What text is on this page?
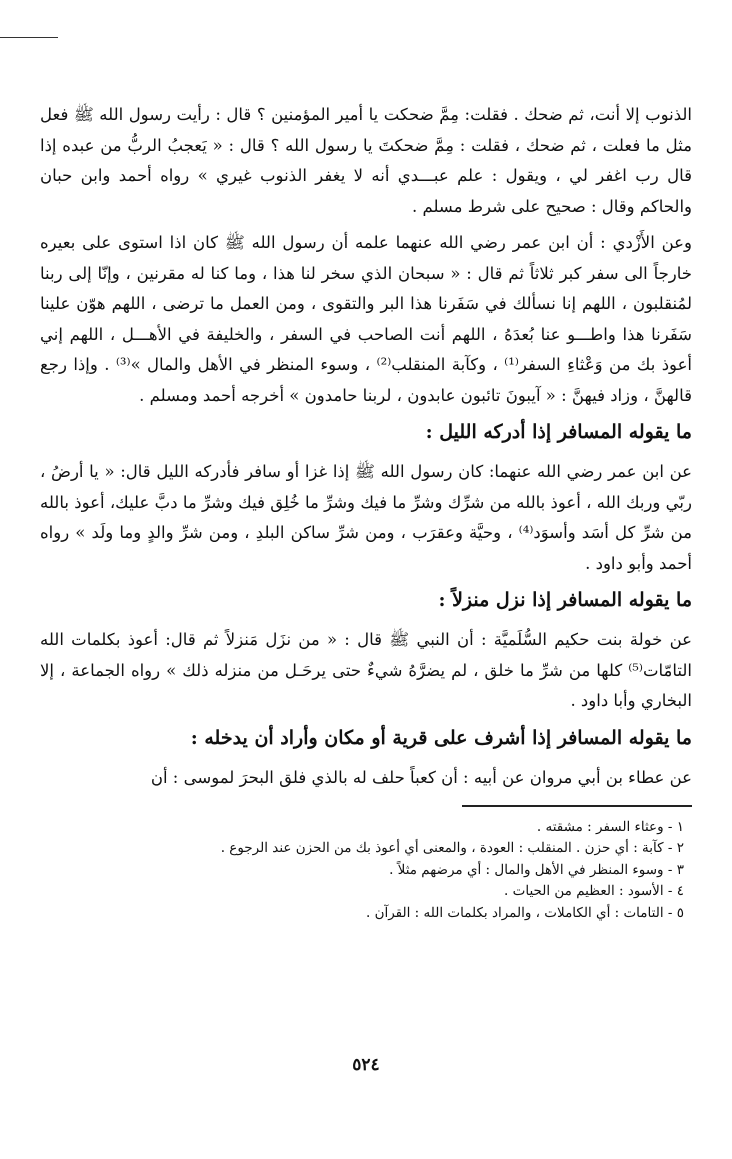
الذنوب إلا أنت، ثم ضحك . فقلت: مِمَّ ضحكت يا أمير المؤمنين ؟ قال : رأيت رسول الله ﷺ فعل مثل ما فعلت ، ثم ضحك ، فقلت : مِمَّ ضحكتَ يا رسول الله ؟ قال : « يَعجبُ الربُّ من عبده إذا قال رب اغفر لي ، ويقول : علم عبـــدي أنه لا يغفر الذنوب غيري » رواه أحمد وابن حبان والحاكم وقال : صحيح على شرط مسلم .

وعن الأَزْدي : أن ابن عمر رضي الله عنهما علمه أن رسول الله ﷺ كان اذا استوى على بعيره خارجاً الى سفر كبر ثلاثاً ثم قال : « سبحان الذي سخر لنا هذا ، وما كنا له مقرنين ، وإنّا إلى ربنا لمُنقلبون ، اللهم إنا نسألك في سَفَرنا هذا البر والتقوى ، ومن العمل ما ترضى ، اللهم هوّن علينا سَفَرنا هذا واطـــو عنا بُعدَهُ ، اللهم أنت الصاحب في السفر ، والخليفة في الأهـــل ، اللهم إني أعوذ بك من وَعْثاءِ السفر⁽¹⁾ ، وكآبة المنقلب⁽²⁾ ، وسوء المنظر في الأهل والمال »⁽³⁾ . وإذا رجع قالهنَّ ، وزاد فيهنَّ : « آيبونَ تائبون عابدون ، لربنا حامدون » أخرجه أحمد ومسلم .

ما يقوله المسافر إذا أدركه الليل :

عن ابن عمر رضي الله عنهما: كان رسول الله ﷺ إذا غزا أو سافر فأدركه الليل قال: « يا أرضُ ، ربّي وربك الله ، أعوذ بالله من شرِّك وشرِّ ما فيك وشرِّ ما خُلِق فيك وشرِّ ما دبَّ عليك، أعوذ بالله من شرِّ كل أسَد وأسوَد⁽⁴⁾ ، وحيَّة وعقرَب ، ومن شرِّ ساكن البلدِ ، ومن شرِّ والدٍ وما ولَد » رواه أحمد وأبو داود .

ما يقوله المسافر إذا نزل منزلاً :

عن خولة بنت حكيم السُّلَميَّة : أن النبي ﷺ قال : « من نزَل مَنزلاً ثم قال: أعوذ بكلمات الله التامّات⁽⁵⁾ كلها من شرِّ ما خلق ، لم يضرَّهُ شيءٌ حتى يرحَـل من منزله ذلك » رواه الجماعة ، إلا البخاري وأبا داود .

ما يقوله المسافر إذا أشرف على قرية أو مكان وأراد أن يدخله :

عن عطاء بن أبي مروان عن أبيه : أن كعباً حلف له بالذي فلق البحرَ لموسى : أن

١ - وعثاء السفر : مشقته .

٢ - كآبة : أي حزن . المنقلب : العودة ، والمعنى أي أعوذ بك من الحزن عند الرجوع .

٣ - وسوء المنظر في الأهل والمال : أي مرضهم مثلاً .

٤ - الأسود : العظيم من الحيات .

٥ - التامات : أي الكاملات ، والمراد بكلمات الله : القرآن .

٥٢٤
